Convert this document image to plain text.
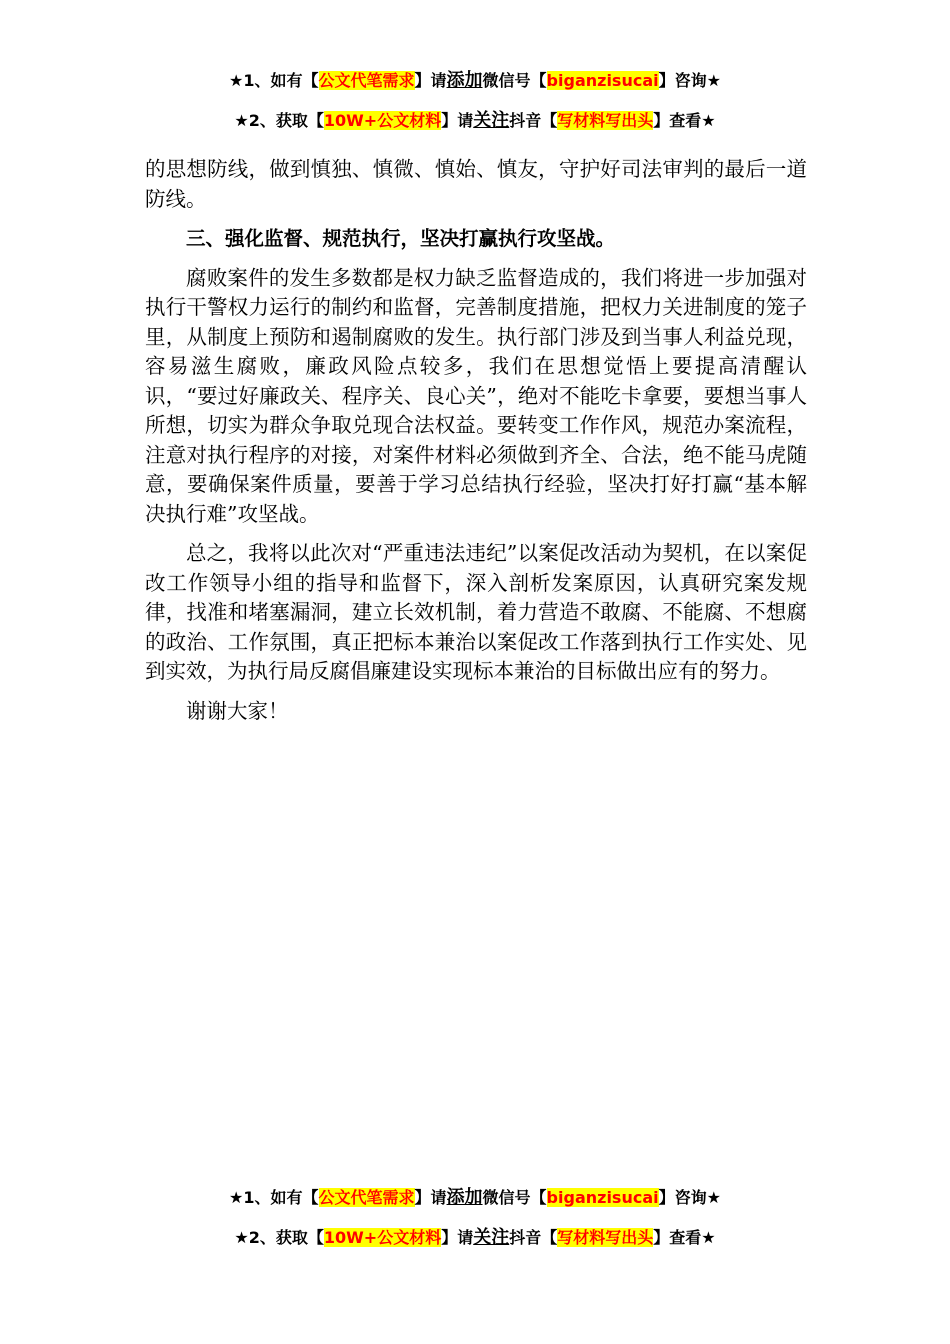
★1、如有【公文代笔需求】请添加微信号【biganzisucai】咨询★
★2、获取【10W+公文材料】请关注抖音【写材料写出头】查看★

的思想防线，做到慎独、慎微、慎始、慎友，守护好司法审判的最后一道防线。

三、强化监督、规范执行，坚决打赢执行攻坚战。

腐败案件的发生多数都是权力缺乏监督造成的，我们将进一步加强对执行干警权力运行的制约和监督，完善制度措施，把权力关进制度的笼子里，从制度上预防和遏制腐败的发生。执行部门涉及到当事人利益兑现，容易滋生腐败，廉政风险点较多，我们在思想觉悟上要提高清醒认识，“要过好廉政关、程序关、良心关”，绝对不能吃卡拿要，要想当事人所想，切实为群众争取兑现合法权益。要转变工作作风，规范办案流程，注意对执行程序的对接，对案件材料必须做到齐全、合法，绝不能马虎随意，要确保案件质量，要善于学习总结执行经验，坚决打好打赢“基本解决执行难”攻坚战。

总之，我将以此次对“严重违法违纪”以案促改活动为契机，在以案促改工作领导小组的指导和监督下，深入剖析发案原因，认真研究案发规律，找准和堵塞漏洞，建立长效机制，着力营造不敢腐、不能腐、不想腐的政治、工作氛围，真正把标本兼治以案促改工作落到执行工作实处、见到实效，为执行局反腐倡廉建设实现标本兼治的目标做出应有的努力。

谢谢大家！

★1、如有【公文代笔需求】请添加微信号【biganzisucai】咨询★
★2、获取【10W+公文材料】请关注抖音【写材料写出头】查看★
